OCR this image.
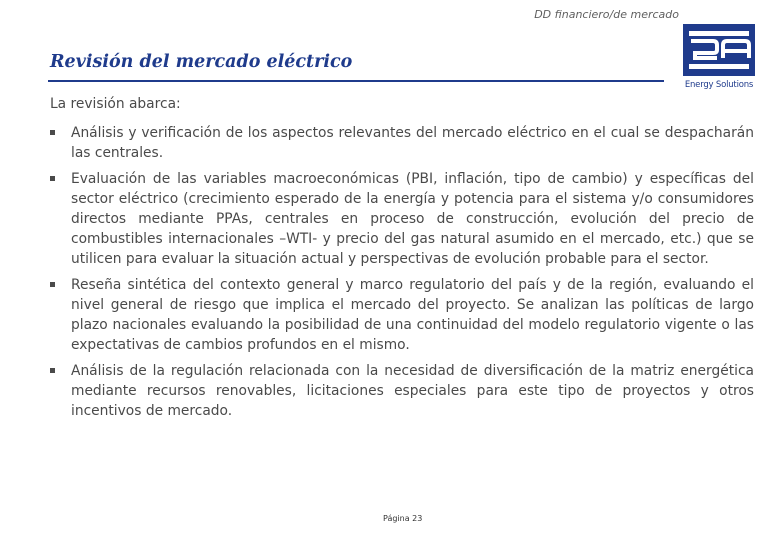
DD financiero/de mercado
Revisión del mercado eléctrico
Energy Solutions

La revisión abarca:

Análisis y verificación de los aspectos relevantes del mercado eléctrico en el cual se despacharán las centrales.
Evaluación de las variables macroeconómicas (PBI, inflación, tipo de cambio) y específicas del sector eléctrico (crecimiento esperado de la energía y potencia para el sistema y/o consumidores directos mediante PPAs, centrales en proceso de construcción, evolución del precio de combustibles internacionales –WTI- y precio del gas natural asumido en el mercado, etc.) que se utilicen para evaluar la situación actual y perspectivas de evolución probable para el sector.
Reseña sintética del contexto general y marco regulatorio del país y de la región, evaluando el nivel general de riesgo que implica el mercado del proyecto. Se analizan las políticas de largo plazo nacionales evaluando la posibilidad de una continuidad del modelo regulatorio vigente o las expectativas de cambios profundos en el mismo.
Análisis de la regulación relacionada con la necesidad de diversificación de la matriz energética mediante recursos renovables, licitaciones especiales para este tipo de proyectos y otros incentivos de mercado.
Página 23
